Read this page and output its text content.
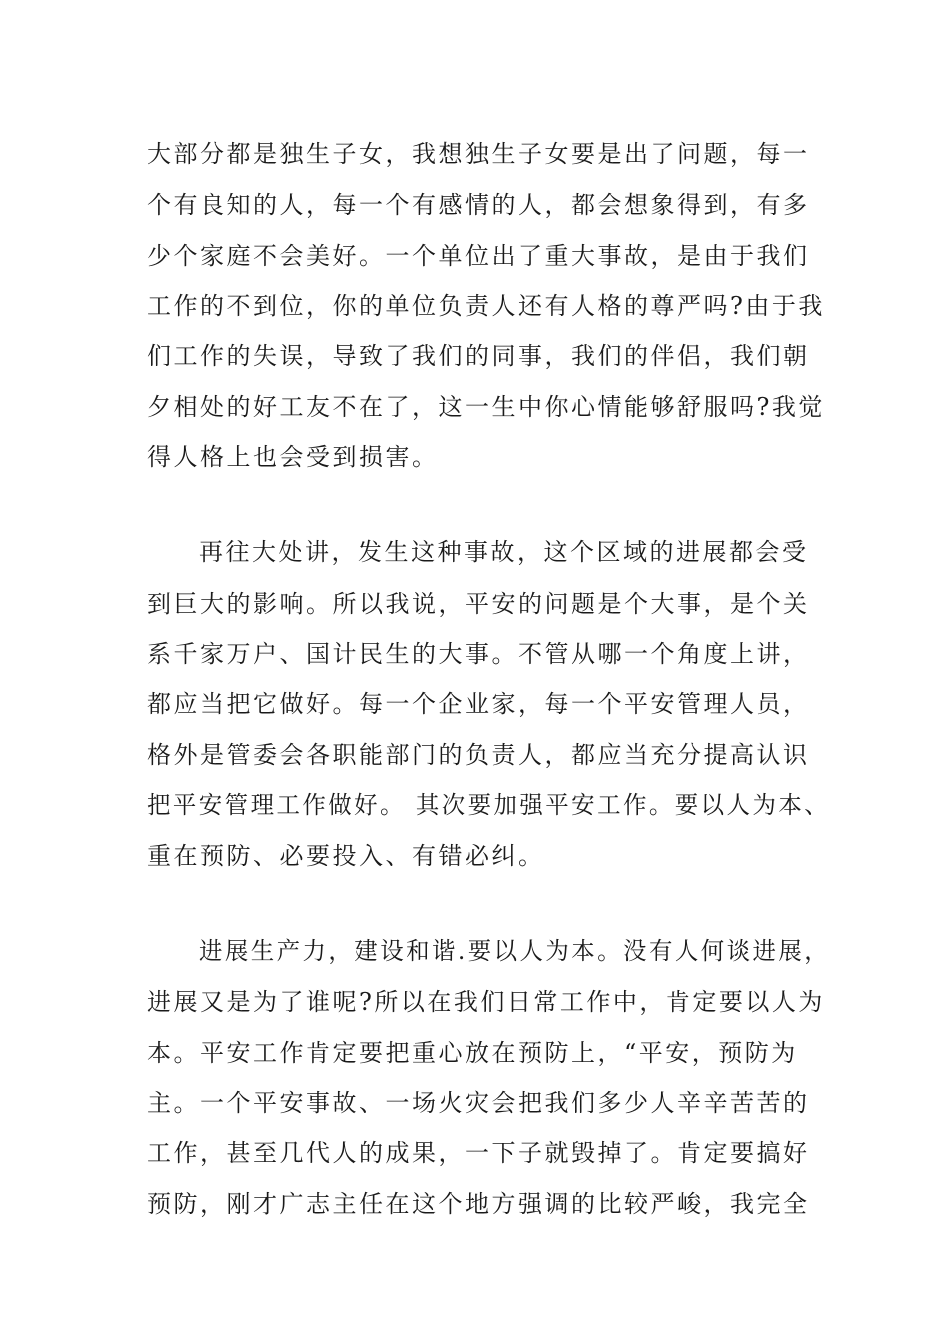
大部分都是独生子女，我想独生子女要是出了问题，每一
个有良知的人，每一个有感情的人，都会想象得到，有多
少个家庭不会美好。一个单位出了重大事故，是由于我们
工作的不到位，你的单位负责人还有人格的尊严吗?由于我
们工作的失误，导致了我们的同事，我们的伴侣，我们朝
夕相处的好工友不在了，这一生中你心情能够舒服吗?我觉
得人格上也会受到损害。
再往大处讲，发生这种事故，这个区域的进展都会受
到巨大的影响。所以我说，平安的问题是个大事，是个关
系千家万户、国计民生的大事。不管从哪一个角度上讲，
都应当把它做好。每一个企业家，每一个平安管理人员，
格外是管委会各职能部门的负责人，都应当充分提高认识
把平安管理工作做好。 其次要加强平安工作。要以人为本、
重在预防、必要投入、有错必纠。
进展生产力，建设和谐.要以人为本。没有人何谈进展，
进展又是为了谁呢?所以在我们日常工作中，肯定要以人为
本。平安工作肯定要把重心放在预防上，“平安，预防为
主。一个平安事故、一场火灾会把我们多少人辛辛苦苦的
工作，甚至几代人的成果，一下子就毁掉了。肯定要搞好
预防，刚才广志主任在这个地方强调的比较严峻，我完全
